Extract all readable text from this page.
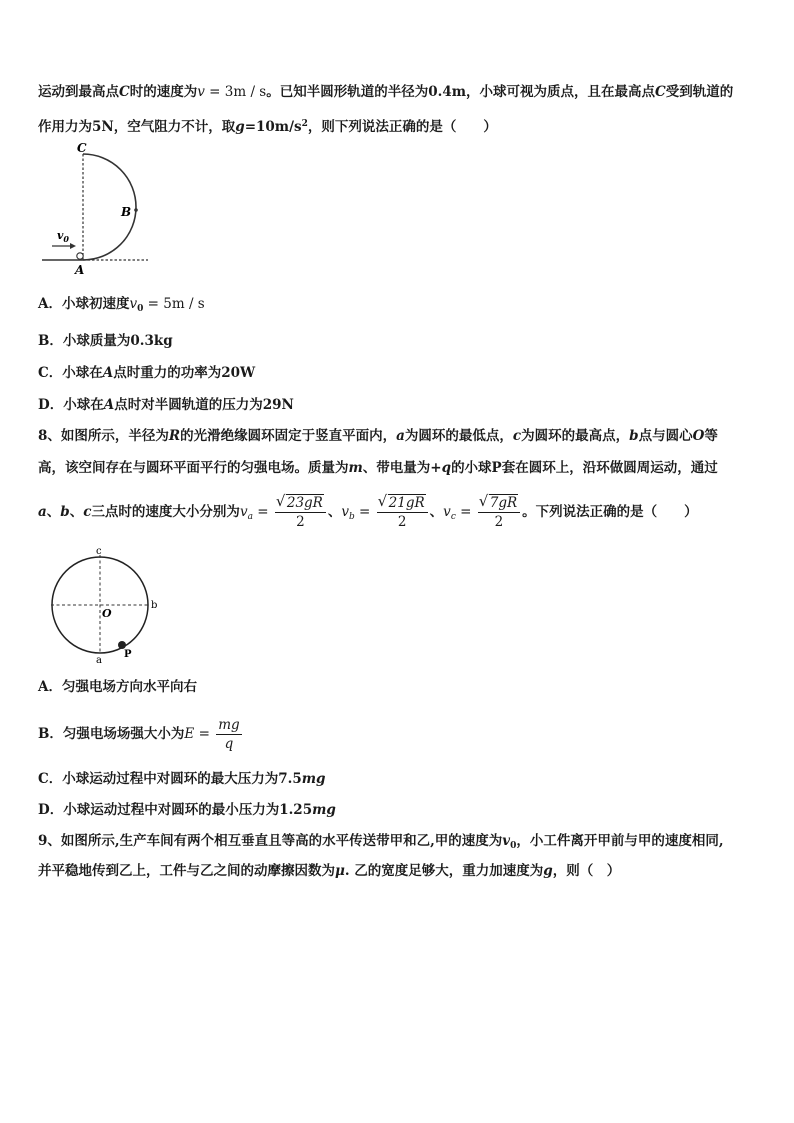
运动到最高点C时的速度为v = 3m / s。已知半圆形轨道的半径为0.4m，小球可视为质点，且在最高点C受到轨道的
作用力为5N，空气阻力不计，取$g=10m/s^2$，则下列说法正确的是（　　）
C
B
A
$v_0$
A．小球初速度$v_0 = 5m / s$
B．小球质量为0.3kg
C．小球在A点时重力的功率为20W
D．小球在A点时对半圆轨道的压力为29N
8、如图所示，半径为R的光滑绝缘圆环固定于竖直平面内，a为圆环的最低点，c为圆环的最高点，b点与圆心O等
高，该空间存在与圆环平面平行的匀强电场。质量为m、带电量为+q的小球P套在圆环上，沿环做圆周运动，通过
a、b、c三点时的速度大小分别为$v_a$ = √ $\frac{23gR}{2}$ 、$v_b$ = √ $\frac{21gR}{2}$ 、$v_c$ = √ $\frac{7gR}{2}$ 。下列说法正确的是（　　）
c
b
O
a
P
A．匀强电场方向水平向右
B．匀强电场场强大小为$E = \frac{mg}{q}$
C．小球运动过程中对圆环的最大压力为7.5mg
D．小球运动过程中对圆环的最小压力为1.25mg
9、如图所示,生产车间有两个相互垂直且等高的水平传送带甲和乙,甲的速度为$v_0$，小工件离开甲前与甲的速度相同,
并平稳地传到乙上，工件与乙之间的动摩擦因数为μ. 乙的宽度足够大，重力加速度为g，则（　）
